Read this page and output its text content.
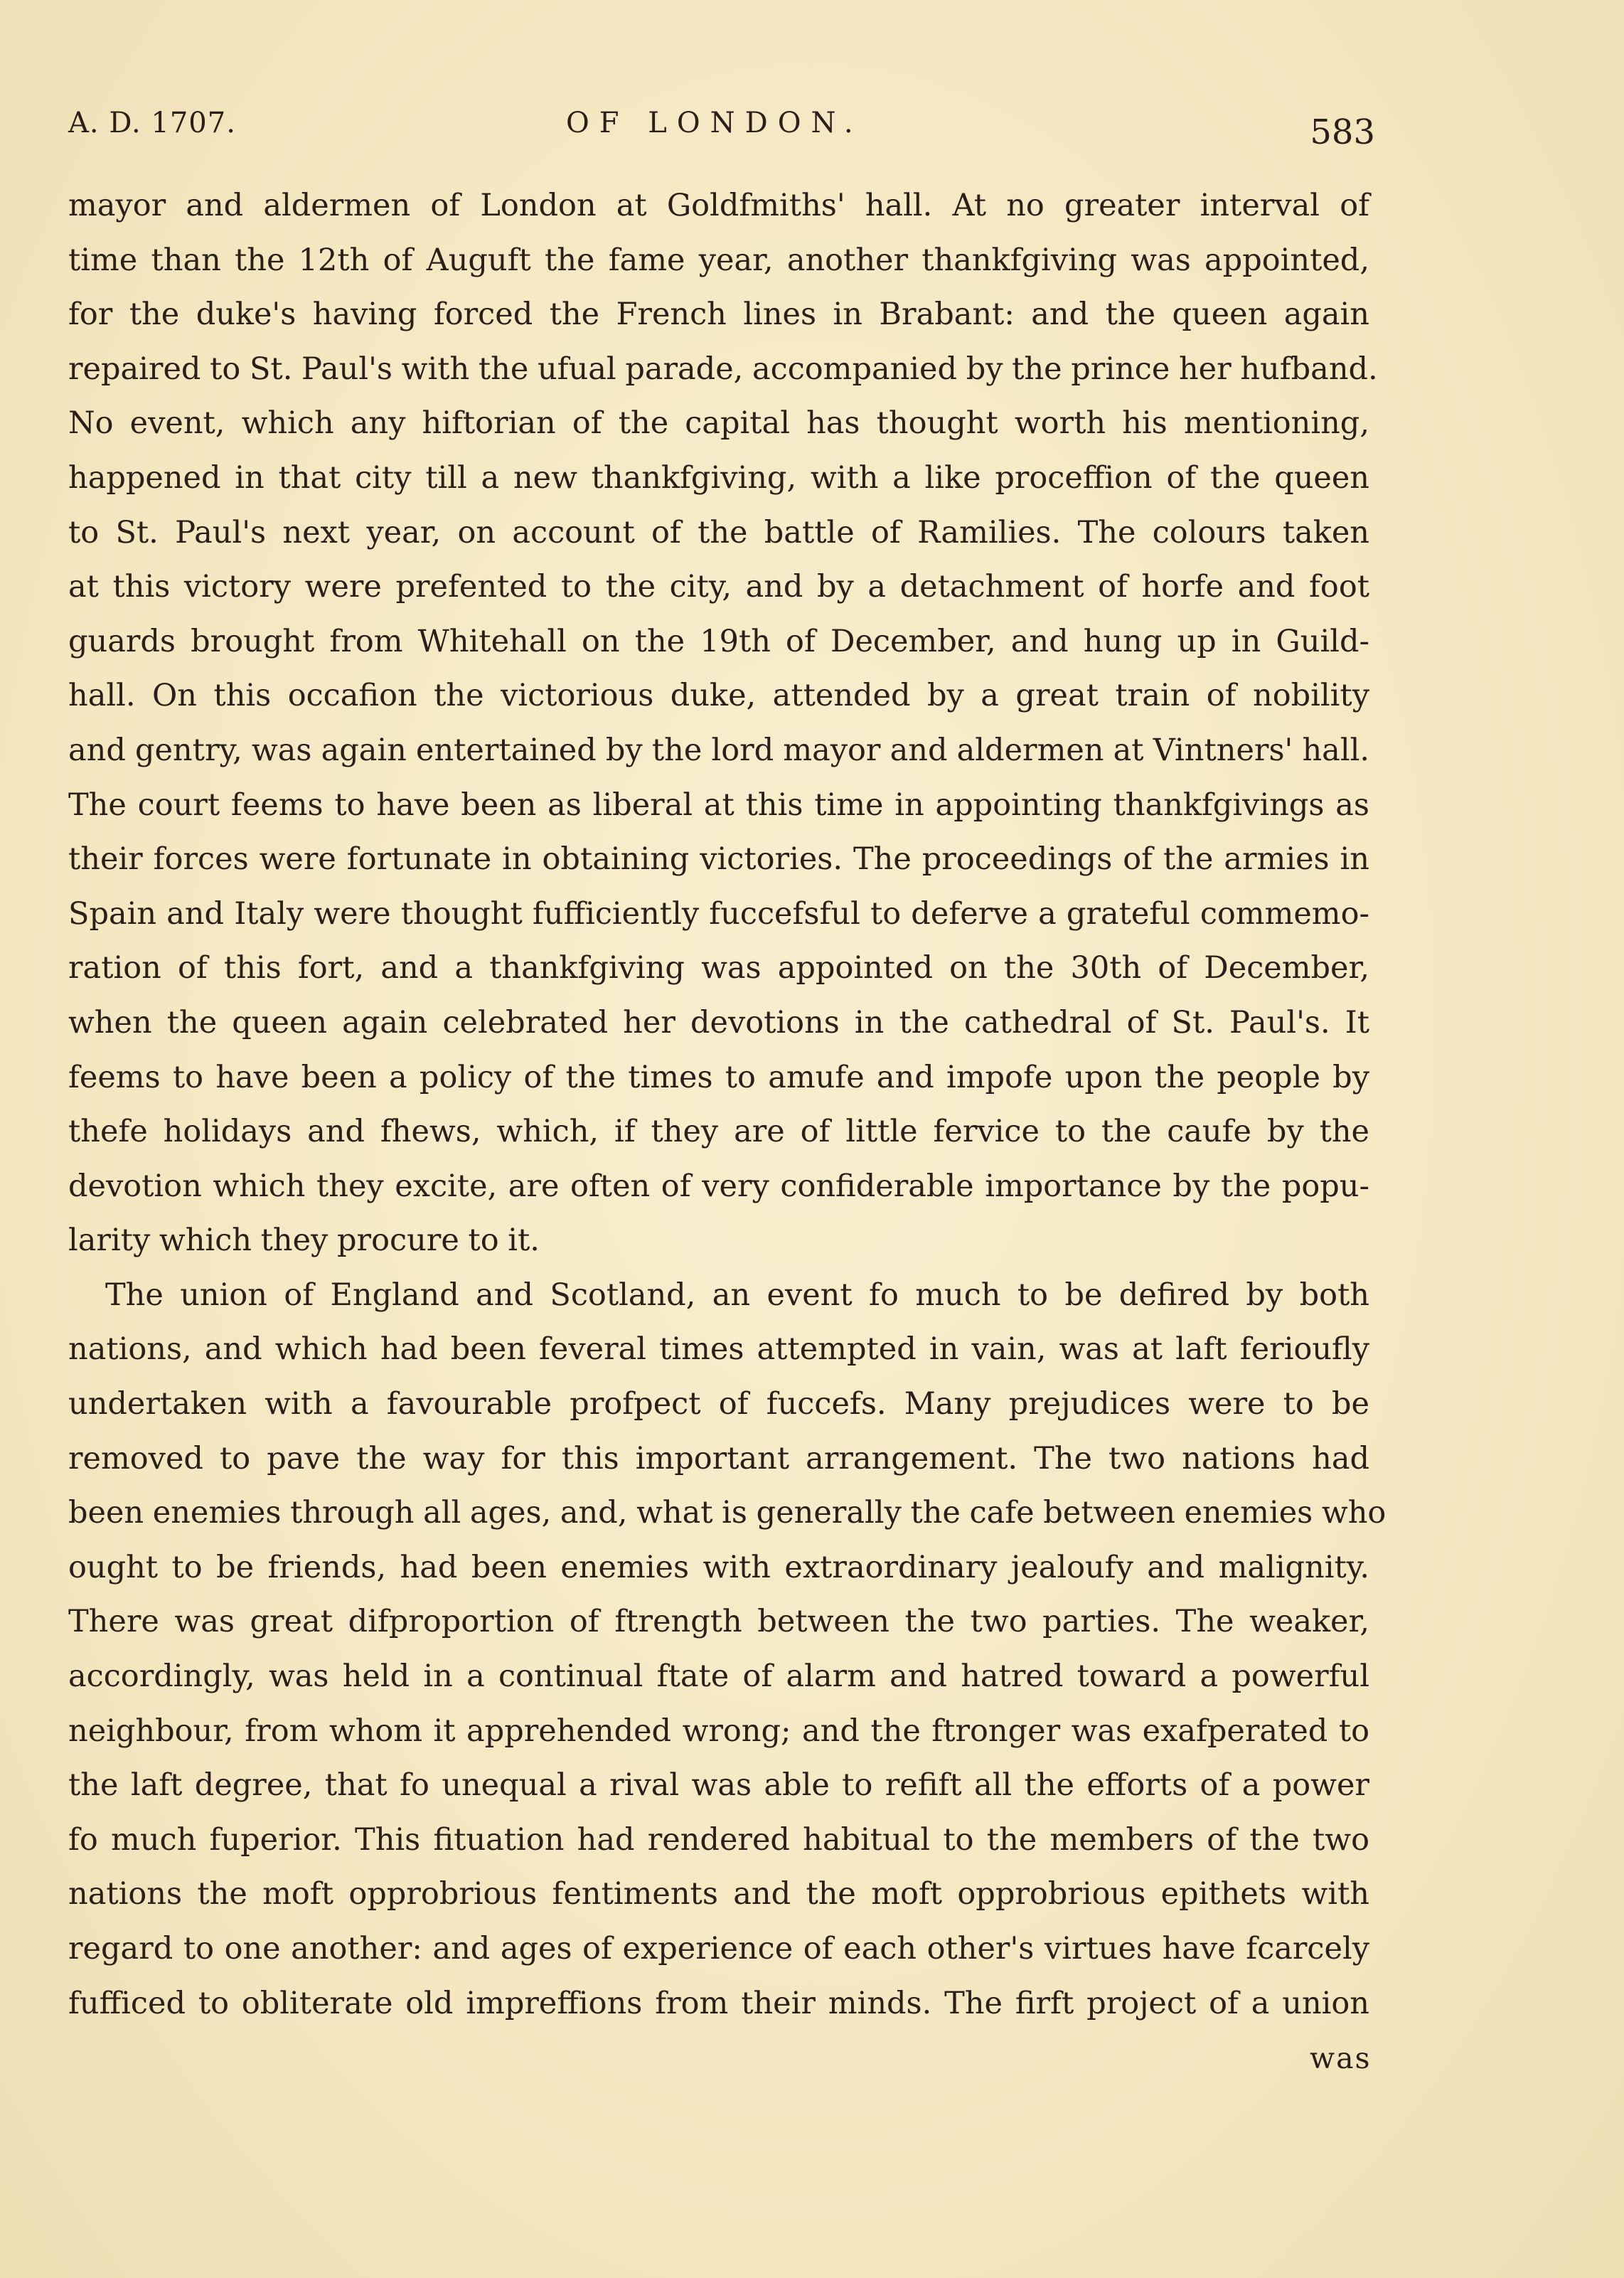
A. D. 1707.	OF LONDON.	583
mayor and aldermen of London at Goldfmiths' hall. At no greater interval of
time than the 12th of Auguft the fame year, another thankfgiving was appointed,
for the duke's having forced the French lines in Brabant: and the queen again
repaired to St. Paul's with the ufual parade, accompanied by the prince her hufband.
No event, which any hiftorian of the capital has thought worth his mentioning,
happened in that city till a new thankfgiving, with a like proceffion of the queen
to St. Paul's next year, on account of the battle of Ramilies. The colours taken
at this victory were prefented to the city, and by a detachment of horfe and foot
guards brought from Whitehall on the 19th of December, and hung up in Guild-
hall. On this occafion the victorious duke, attended by a great train of nobility
and gentry, was again entertained by the lord mayor and aldermen at Vintners' hall.
The court feems to have been as liberal at this time in appointing thankfgivings as
their forces were fortunate in obtaining victories. The proceedings of the armies in
Spain and Italy were thought fufficiently fuccefsful to deferve a grateful commemo-
ration of this fort, and a thankfgiving was appointed on the 30th of December,
when the queen again celebrated her devotions in the cathedral of St. Paul's. It
feems to have been a policy of the times to amufe and impofe upon the people by
thefe holidays and fhews, which, if they are of little fervice to the caufe by the
devotion which they excite, are often of very confiderable importance by the popu-
larity which they procure to it.
The union of England and Scotland, an event fo much to be defired by both
nations, and which had been feveral times attempted in vain, was at laft ferioufly
undertaken with a favourable profpect of fuccefs. Many prejudices were to be
removed to pave the way for this important arrangement. The two nations had
been enemies through all ages, and, what is generally the cafe between enemies who
ought to be friends, had been enemies with extraordinary jealoufy and malignity.
There was great difproportion of ftrength between the two parties. The weaker,
accordingly, was held in a continual ftate of alarm and hatred toward a powerful
neighbour, from whom it apprehended wrong; and the ftronger was exafperated to
the laft degree, that fo unequal a rival was able to refift all the efforts of a power
fo much fuperior. This fituation had rendered habitual to the members of the two
nations the moft opprobrious fentiments and the moft opprobrious epithets with
regard to one another: and ages of experience of each other's virtues have fcarcely
fufficed to obliterate old impreffions from their minds. The firft project of a union
was
